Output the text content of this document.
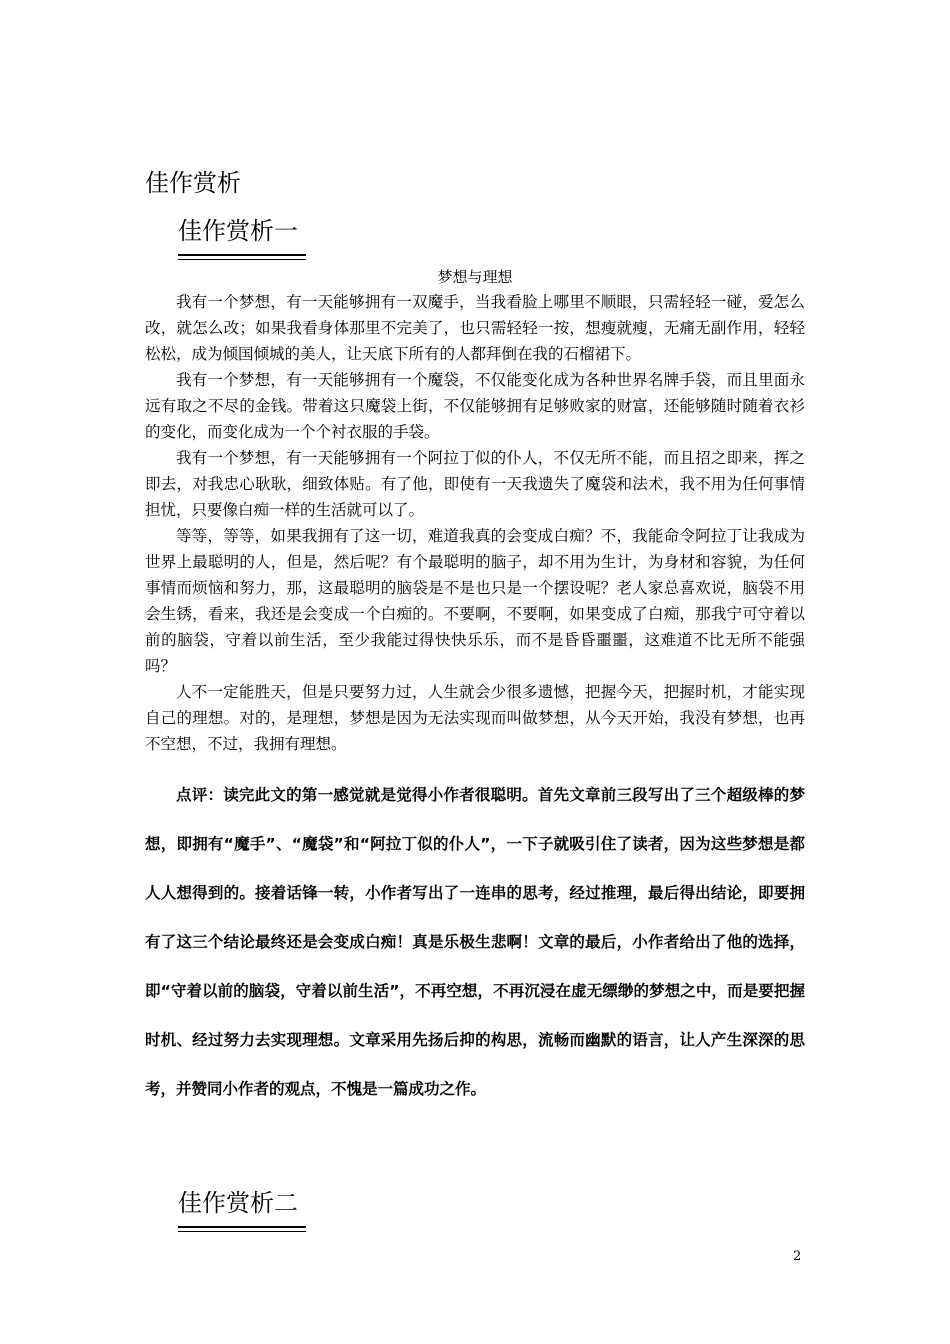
佳作赏析
佳作赏析一
梦想与理想

我有一个梦想，有一天能够拥有一双魔手，当我看脸上哪里不顺眼，只需轻轻一碰，爱怎么改，就怎么改；如果我看身体那里不完美了，也只需轻轻一按，想瘦就瘦，无痛无副作用，轻轻松松，成为倾国倾城的美人，让天底下所有的人都拜倒在我的石榴裙下。

我有一个梦想，有一天能够拥有一个魔袋，不仅能变化成为各种世界名牌手袋，而且里面永远有取之不尽的金钱。带着这只魔袋上街，不仅能够拥有足够败家的财富，还能够随时随着衣衫的变化，而变化成为一个个衬衣服的手袋。

我有一个梦想，有一天能够拥有一个阿拉丁似的仆人，不仅无所不能，而且招之即来，挥之即去，对我忠心耿耿，细致体贴。有了他，即使有一天我遗失了魔袋和法术，我不用为任何事情担忧，只要像白痴一样的生活就可以了。

等等，等等，如果我拥有了这一切，难道我真的会变成白痴？不，我能命令阿拉丁让我成为世界上最聪明的人，但是，然后呢？有个最聪明的脑子，却不用为生计，为身材和容貌，为任何事情而烦恼和努力，那，这最聪明的脑袋是不是也只是一个摆设呢？老人家总喜欢说，脑袋不用会生锈，看来，我还是会变成一个白痴的。不要啊，不要啊，如果变成了白痴，那我宁可守着以前的脑袋，守着以前生活，至少我能过得快快乐乐，而不是昏昏噩噩，这难道不比无所不能强吗？

人不一定能胜天，但是只要努力过，人生就会少很多遗憾，把握今天，把握时机，才能实现自己的理想。对的，是理想，梦想是因为无法实现而叫做梦想，从今天开始，我没有梦想，也再不空想，不过，我拥有理想。

点评：读完此文的第一感觉就是觉得小作者很聪明。首先文章前三段写出了三个超级棒的梦想，即拥有“魔手”、“魔袋”和“阿拉丁似的仆人”，一下子就吸引住了读者，因为这些梦想是都人人想得到的。接着话锋一转，小作者写出了一连串的思考，经过推理，最后得出结论，即要拥有了这三个结论最终还是会变成白痴！真是乐极生悲啊！文章的最后，小作者给出了他的选择，即“守着以前的脑袋，守着以前生活”，不再空想，不再沉浸在虚无缥缈的梦想之中，而是要把握时机、经过努力去实现理想。文章采用先扬后抑的构思，流畅而幽默的语言，让人产生深深的思考，并赞同小作者的观点，不愧是一篇成功之作。

佳作赏析二
2
